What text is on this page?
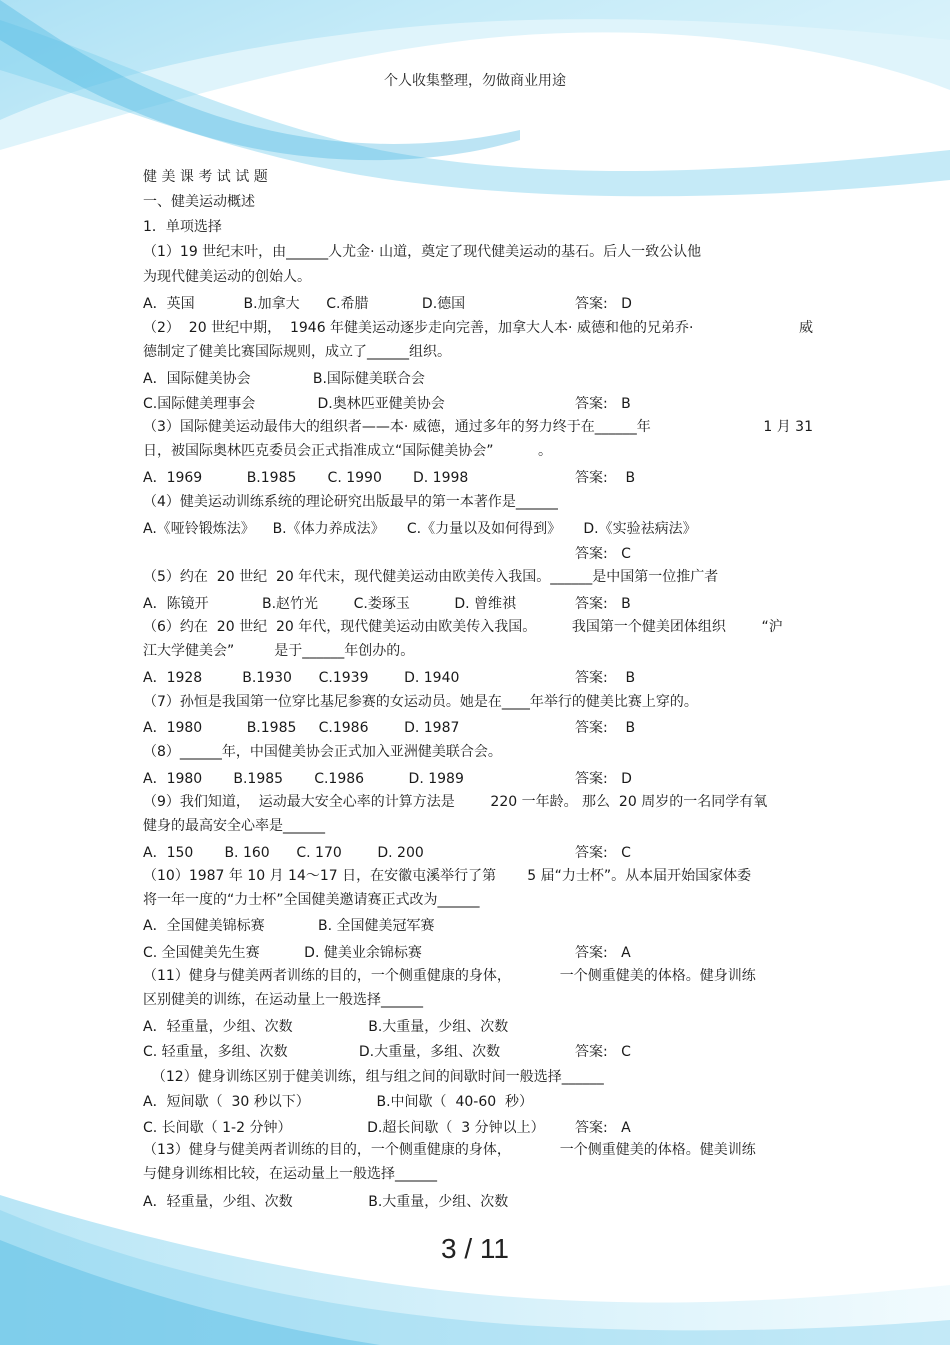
个人收集整理，勿做商业用途
健 美 课 考 试 试 题
一、健美运动概述
1．单项选择
（1）19 世纪末叶，由______人尤金· 山道，奠定了现代健美运动的基石。后人一致公认他
为现代健美运动的创始人。
A．英国           B.加拿大      C.希腊            D.德国	答案:   D
（2）  20 世纪中期，  1946 年健美运动逐步走向完善，加拿大人本· 威德和他的兄弟乔·	威
德制定了健美比赛国际规则，成立了______组织。
A．国际健美协会              B.国际健美联合会
C.国际健美理事会              D.奥林匹亚健美协会	答案:   B
（3）国际健美运动最伟大的组织者——本· 威德，通过多年的努力终于在______年	1 月 31
日，被国际奥林匹克委员会正式指准成立“国际健美协会”          。
A．1969          B.1985       C. 1990       D. 1998	答案:    B
（4）健美运动训练系统的理论研究出版最早的第一本著作是______
A.《哑铃锻炼法》    B.《体力养成法》     C.《力量以及如何得到》     D.《实验祛病法》
答案:   C
（5）约在  20 世纪  20 年代末，现代健美运动由欧美传入我国。______是中国第一位推广者
A．陈镜开            B.赵竹光        C.娄琢玉          D. 曾维祺	答案:   B
（6）约在  20 世纪  20 年代，现代健美运动由欧美传入我国。        我国第一个健美团体组织        “沪
江大学健美会”         是于______年创办的。
A．1928         B.1930      C.1939        D. 1940	答案:    B
（7）孙恒是我国第一位穿比基尼参赛的女运动员。她是在____年举行的健美比赛上穿的。
A．1980          B.1985     C.1986        D. 1987	答案:    B
（8）______年，中国健美协会正式加入亚洲健美联合会。
A．1980       B.1985       C.1986          D. 1989	答案:   D
（9）我们知道，  运动最大安全心率的计算方法是        220 一年龄。 那么  20 周岁的一名同学有氧
健身的最高安全心率是______
A．150       B. 160      C. 170        D. 200	答案:   C
（10）1987 年 10 月 14～17 日，在安徽屯溪举行了第       5 届“力士杯”。从本届开始国家体委
将一年一度的“力士杯”全国健美邀请赛正式改为______
A．全国健美锦标赛            B. 全国健美冠军赛
C. 全国健美先生赛          D. 健美业余锦标赛	答案:   A
（11）健身与健美两者训练的目的，一个侧重健康的身体，           一个侧重健美的体格。健身训练
区别健美的训练，在运动量上一般选择______
A．轻重量，少组、次数                 B.大重量，少组、次数
C. 轻重量，多组、次数                D.大重量，多组、次数	答案:   C
（12）健身训练区别于健美训练，组与组之间的间歇时间一般选择______
A．短间歇（  30 秒以下）               B.中间歇（  40-60  秒）
C. 长间歇（ 1-2 分钟）                 D.超长间歇（  3 分钟以上） 答案:   A
（13）健身与健美两者训练的目的，一个侧重健康的身体，           一个侧重健美的体格。健美训练
与健身训练相比较，在运动量上一般选择______
A．轻重量，少组、次数                 B.大重量，少组、次数
3 / 11
